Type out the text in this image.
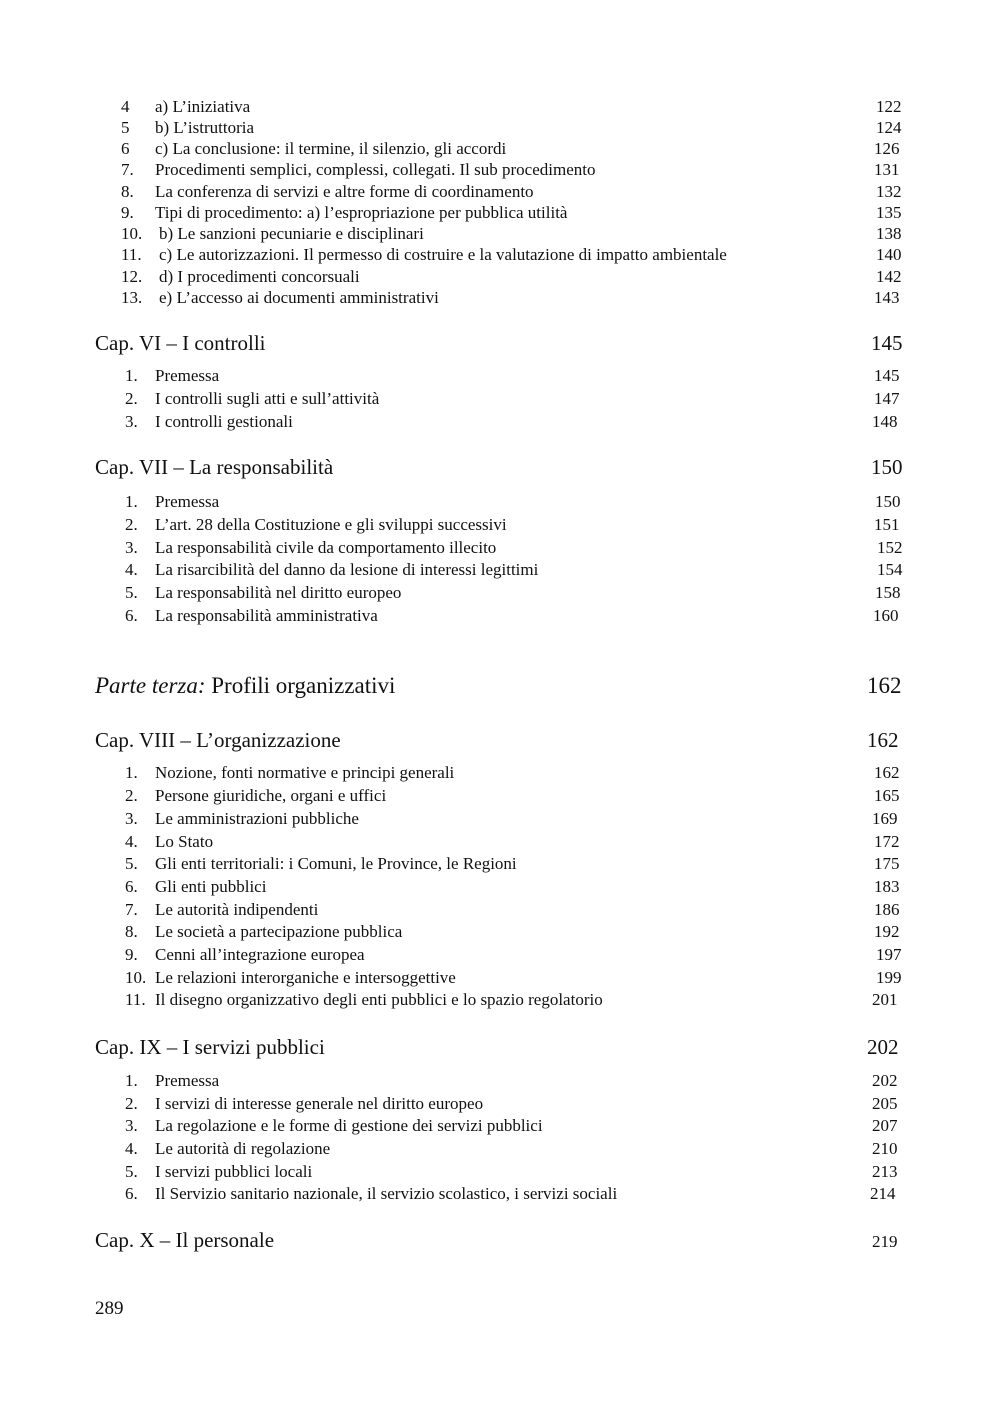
4 a) L’iniziativa	122
5 b) L’istruttoria	124
6 c) La conclusione: il termine, il silenzio, gli accordi	126
7. Procedimenti semplici, complessi, collegati. Il sub procedimento	131
8. La conferenza di servizi e altre forme di coordinamento	132
9. Tipi di procedimento: a) l’espropriazione per pubblica utilità	135
10. b) Le sanzioni pecuniarie e disciplinari	138
11. c) Le autorizzazioni. Il permesso di costruire e la valutazione di impatto ambientale	140
12. d) I procedimenti concorsuali	142
13. e) L’accesso ai documenti amministrativi	143
Cap. VI – I controlli	145
1. Premessa	145
2. I controlli sugli atti e sull’attività	147
3. I controlli gestionali	148
Cap. VII – La responsabilità	150
1. Premessa	150
2. L’art. 28 della Costituzione e gli sviluppi successivi	151
3. La responsabilità civile da comportamento illecito	152
4. La risarcibilità del danno da lesione di interessi legittimi	154
5. La responsabilità nel diritto europeo	158
6. La responsabilità amministrativa	160
Parte terza: Profili organizzativi	162
Cap. VIII – L’organizzazione	162
1. Nozione, fonti normative e principi generali	162
2. Persone giuridiche, organi e uffici	165
3. Le amministrazioni pubbliche	169
4. Lo Stato	172
5. Gli enti territoriali: i Comuni, le Province, le Regioni	175
6. Gli enti pubblici	183
7. Le autorità indipendenti	186
8. Le società a partecipazione pubblica	192
9. Cenni all’integrazione europea	197
10. Le relazioni interorganiche e intersoggettive	199
11. Il disegno organizzativo degli enti pubblici e lo spazio regolatorio	201
Cap. IX – I servizi pubblici	202
1. Premessa	202
2. I servizi di interesse generale nel diritto europeo	205
3. La regolazione e le forme di gestione dei servizi pubblici	207
4. Le autorità di regolazione	210
5. I servizi pubblici locali	213
6. Il Servizio sanitario nazionale, il servizio scolastico, i servizi sociali	214
Cap. X – Il personale	219
289
